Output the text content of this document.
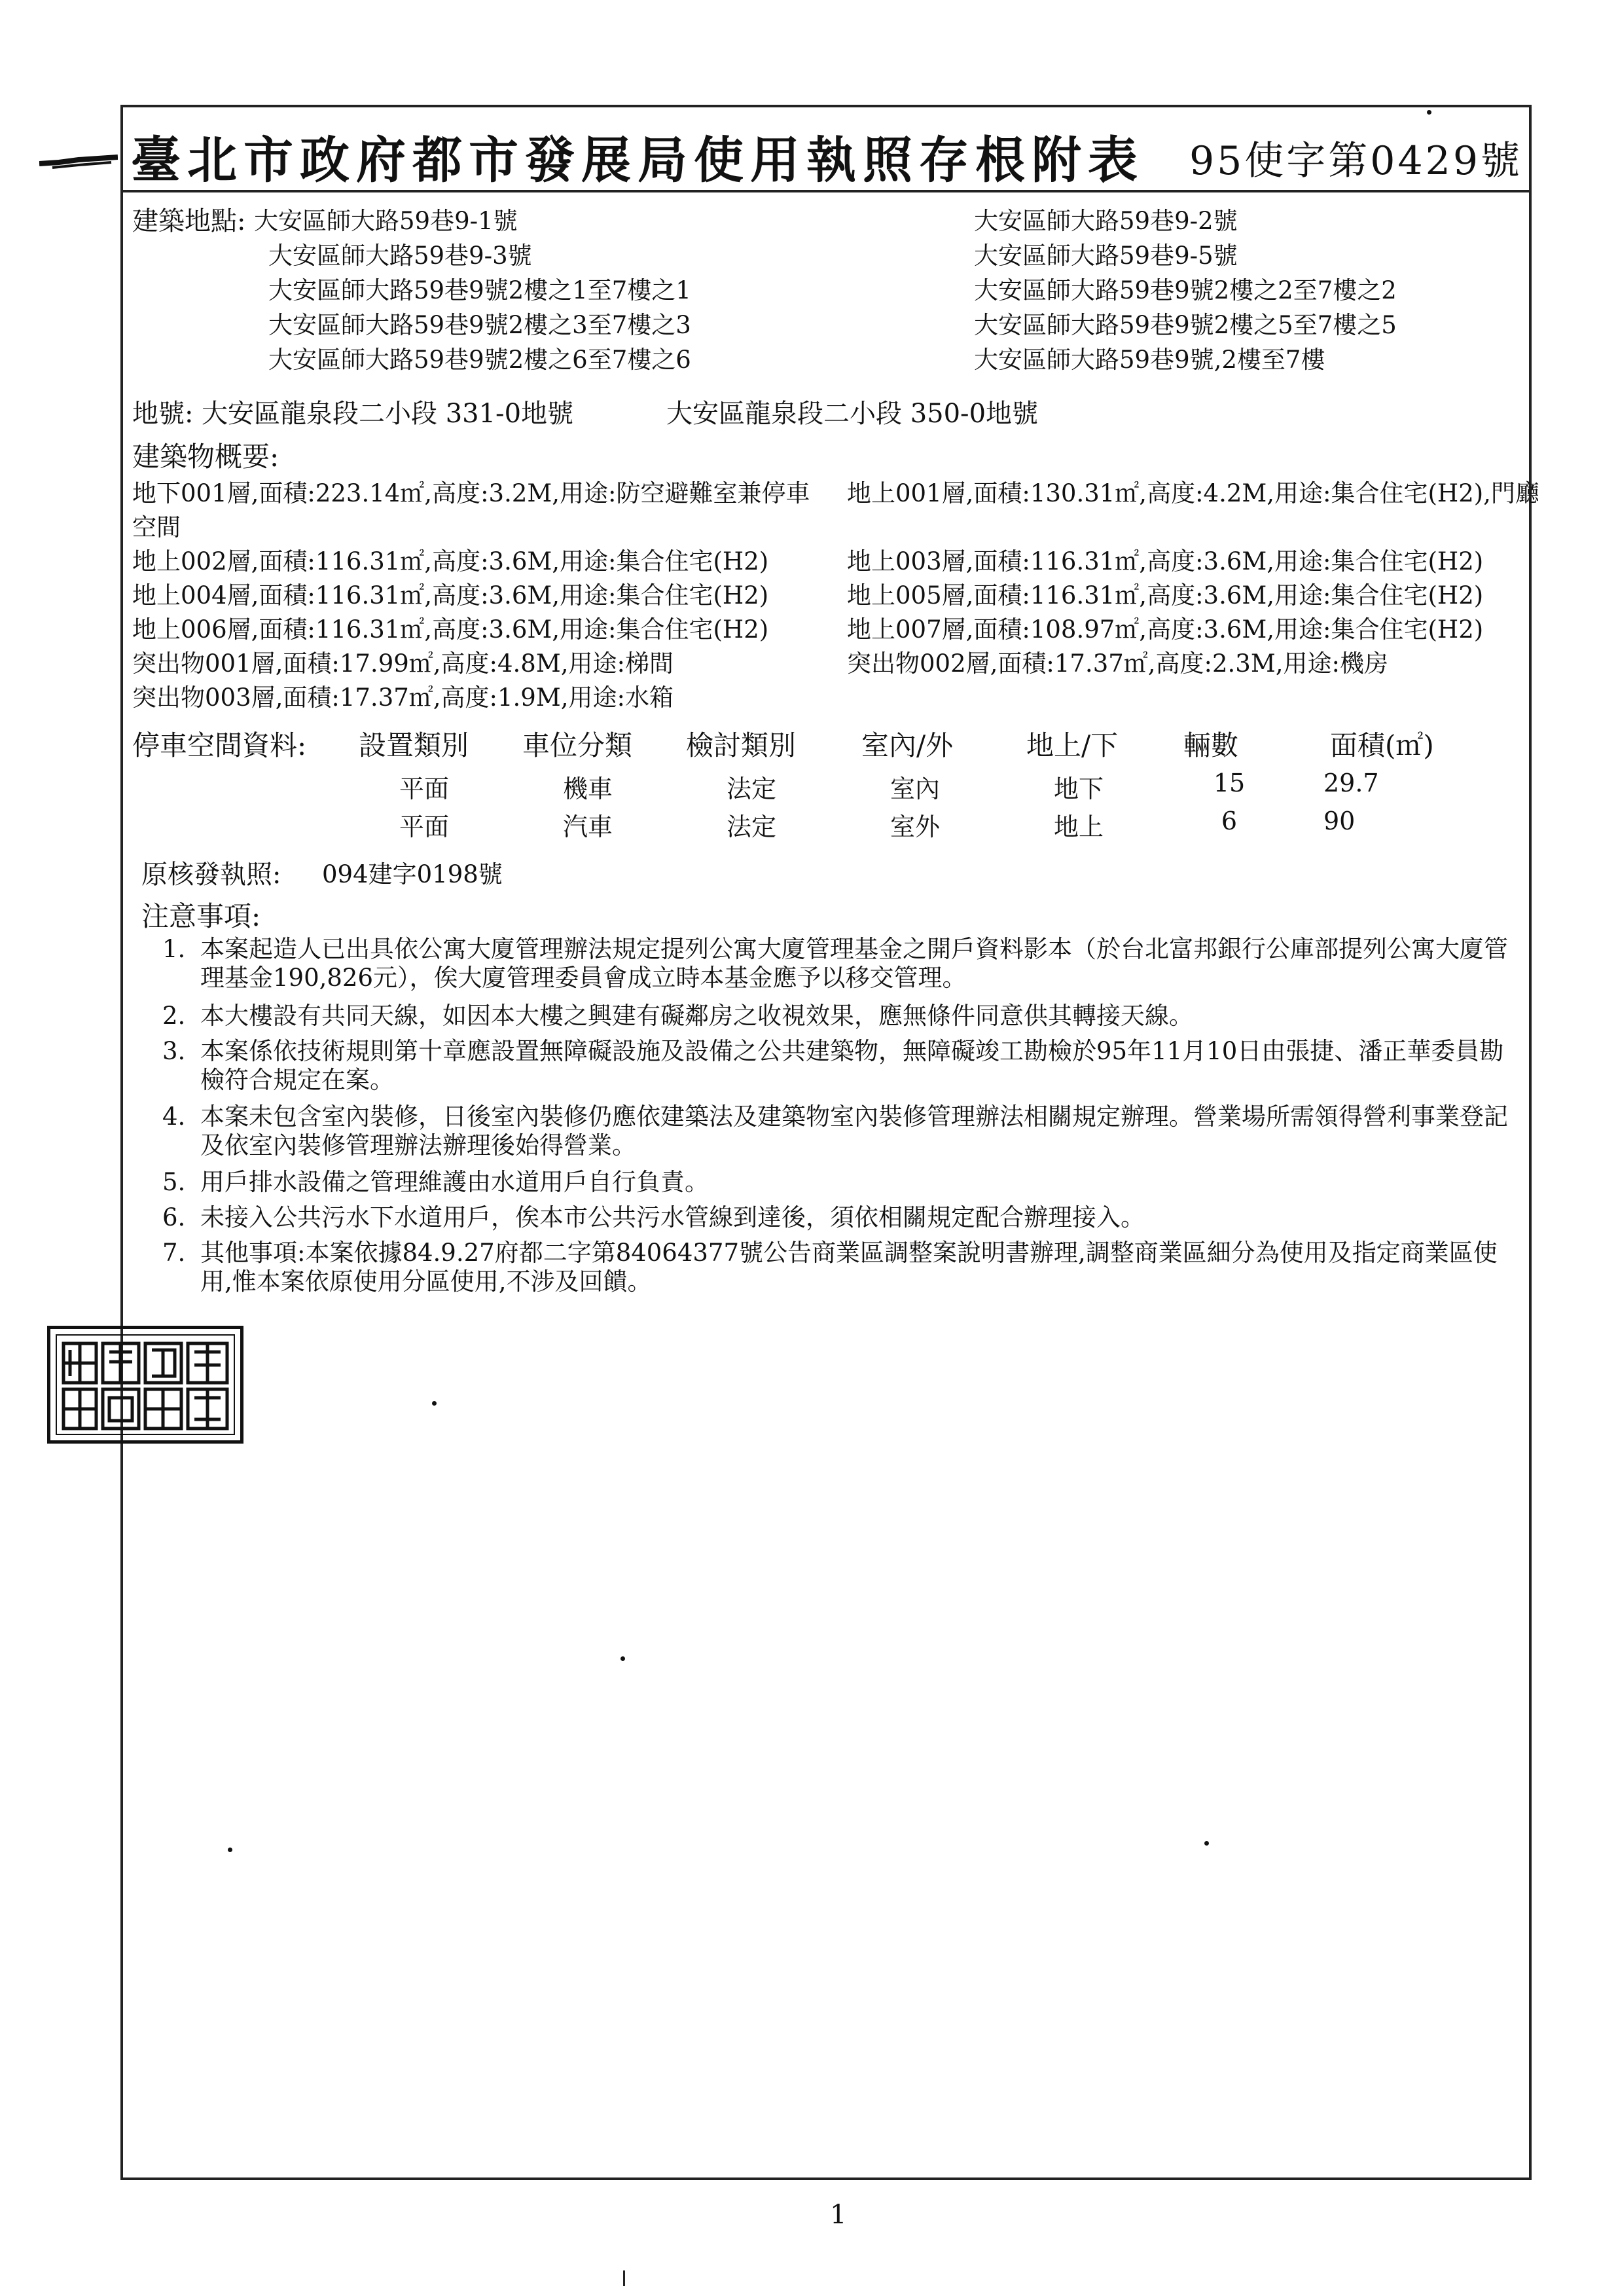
臺北市政府都市發展局使用執照存根附表 95使字第0429號
建築地點: 大安區師大路59巷9-1號	大安區師大路59巷9-2號
大安區師大路59巷9-3號	大安區師大路59巷9-5號
大安區師大路59巷9號2樓之1至7樓之1	大安區師大路59巷9號2樓之2至7樓之2
大安區師大路59巷9號2樓之3至7樓之3	大安區師大路59巷9號2樓之5至7樓之5
大安區師大路59巷9號2樓之6至7樓之6	大安區師大路59巷9號,2樓至7樓
地號: 大安區龍泉段二小段 331-0地號	大安區龍泉段二小段 350-0地號
建築物概要:
地下001層,面積:223.14㎡,高度:3.2M,用途:防空避難室兼停車 地上001層,面積:130.31㎡,高度:4.2M,用途:集合住宅(H2),門廳
空間
地上002層,面積:116.31㎡,高度:3.6M,用途:集合住宅(H2)	地上003層,面積:116.31㎡,高度:3.6M,用途:集合住宅(H2)
地上004層,面積:116.31㎡,高度:3.6M,用途:集合住宅(H2)	地上005層,面積:116.31㎡,高度:3.6M,用途:集合住宅(H2)
地上006層,面積:116.31㎡,高度:3.6M,用途:集合住宅(H2)	地上007層,面積:108.97㎡,高度:3.6M,用途:集合住宅(H2)
突出物001層,面積:17.99㎡,高度:4.8M,用途:梯間	突出物002層,面積:17.37㎡,高度:2.3M,用途:機房
突出物003層,面積:17.37㎡,高度:1.9M,用途:水箱
停車空間資料: 設置類別 車位分類 檢討類別 室內/外	地上/下 輛數	面積(㎡)
平面	機車	法定	室內	地下	15	29.7
平面	汽車	法定	室外	地上	6	90
原核發執照: 094建字0198號
注意事項:
1. 本案起造人已出具依公寓大廈管理辦法規定提列公寓大廈管理基金之開戶資料影本（於台北富邦銀行公庫部提列公寓大廈管理基金190,826元），俟大廈管理委員會成立時本基金應予以移交管理。
2. 本大樓設有共同天線，如因本大樓之興建有礙鄰房之收視效果，應無條件同意供其轉接天線。
3. 本案係依技術規則第十章應設置無障礙設施及設備之公共建築物，無障礙竣工勘檢於95年11月10日由張捷、潘正華委員勘檢符合規定在案。
4. 本案未包含室內裝修，日後室內裝修仍應依建築法及建築物室內裝修管理辦法相關規定辦理。營業場所需領得營利事業登記及依室內裝修管理辦法辦理後始得營業。
5. 用戶排水設備之管理維護由水道用戶自行負責。
6. 未接入公共污水下水道用戶，俟本市公共污水管線到達後，須依相關規定配合辦理接入。
7. 其他事項:本案依據84.9.27府都二字第84064377號公告商業區調整案說明書辦理,調整商業區細分為使用及指定商業區使用,惟本案依原使用分區使用,不涉及回饋。
1
